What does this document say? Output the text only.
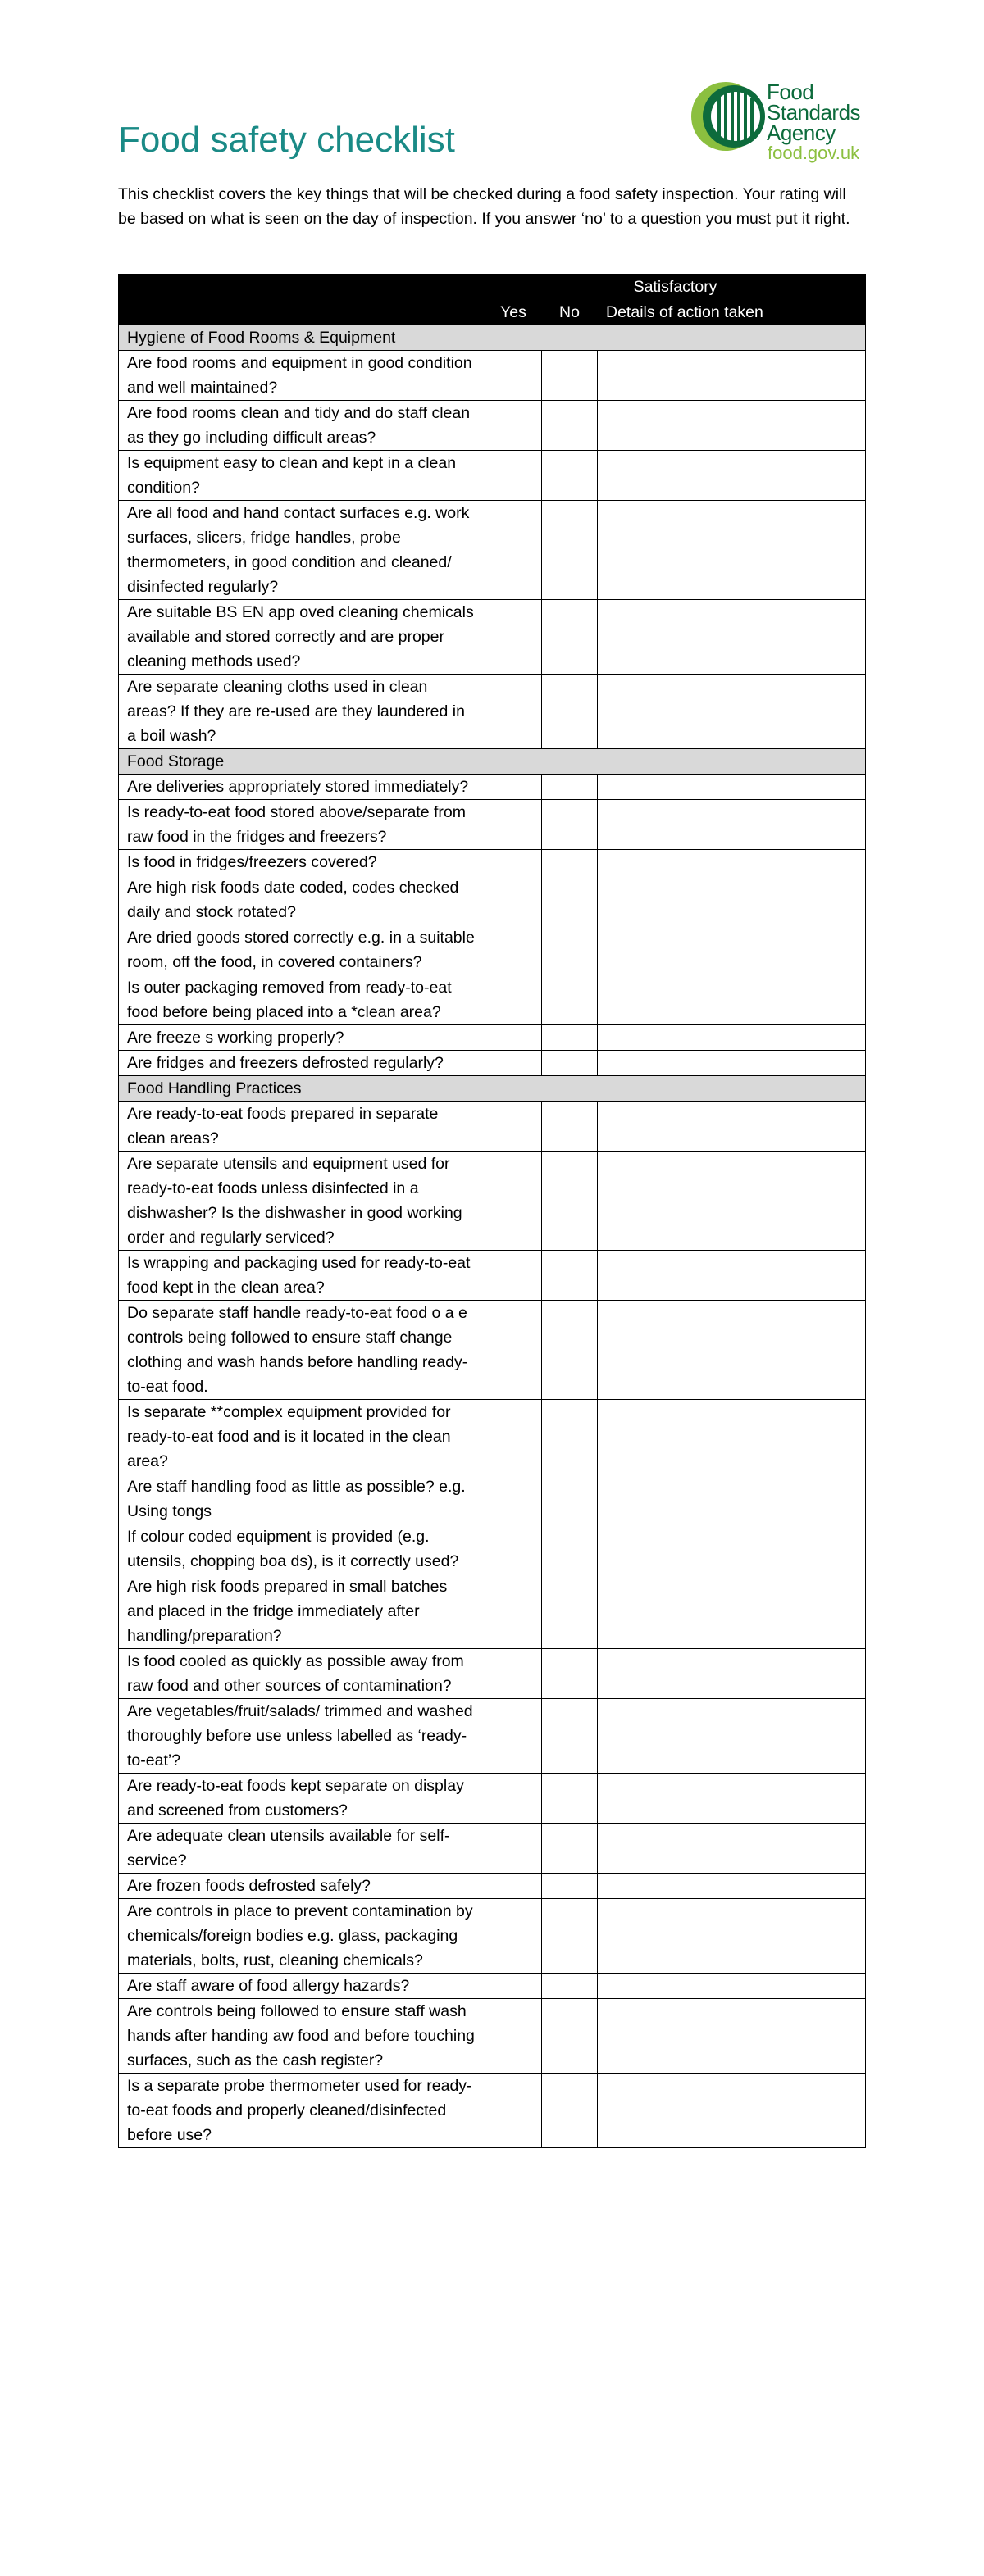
Food
Standards
Agency
food.gov.uk
Food safety checklist

This checklist covers the key things that will be checked during a food safety inspection. Your rating will be based on what is seen on the day of inspection. If you answer ‘no’ to a question you must put it right.

	Satisfactory		
	Yes	No	Details of action taken
Hygiene of Food Rooms & Equipment			
Are food rooms and equipment in good condition and well maintained?			
Are food rooms clean and tidy and do staff clean as they go including difficult areas?			
Is equipment easy to clean and kept in a clean condition?			
Are all food and hand contact surfaces e.g. work surfaces, slicers, fridge handles, probe thermometers, in good condition and cleaned/ disinfected regularly?			
Are suitable BS EN app oved cleaning chemicals available and stored correctly and are proper cleaning methods used?			
Are separate cleaning cloths used in clean areas? If they are re-used are they laundered in a boil wash?			
Food Storage			
Are deliveries appropriately stored immediately?			
Is ready-to-eat food stored above/separate from raw food in the fridges and freezers?			
Is food in fridges/freezers covered?			
Are high risk foods date coded, codes checked daily and stock rotated?			
Are dried goods stored correctly e.g. in a suitable room, off the food, in covered containers?			
Is outer packaging removed from ready-to-eat food before being placed into a *clean area?			
Are freeze s working properly?			
Are fridges and freezers defrosted regularly?			
Food Handling Practices			
Are ready-to-eat foods prepared in separate clean areas?			
Are separate utensils and equipment used for ready-to-eat foods unless disinfected in a dishwasher? Is the dishwasher in good working order and regularly serviced?			
Is wrapping and packaging used for ready-to-eat food kept in the clean area?			
Do separate staff handle ready-to-eat food o a e controls being followed to ensure staff change clothing and wash hands before handling ready-to-eat food.			
Is separate **complex equipment provided for ready-to-eat food and is it located in the clean area?			
Are staff handling food as little as possible? e.g. Using tongs			
If colour coded equipment is provided (e.g. utensils, chopping boa ds), is it correctly used?			
Are high risk foods prepared in small batches and placed in the fridge immediately after handling/preparation?			
Is food cooled as quickly as possible away from raw food and other sources of contamination?			
Are vegetables/fruit/salads/ trimmed and washed thoroughly before use unless labelled as ‘ready-to-eat’?			
Are ready-to-eat foods kept separate on display and screened from customers?			
Are adequate clean utensils available for self-service?			
Are frozen foods defrosted safely?			
Are controls in place to prevent contamination by chemicals/foreign bodies e.g. glass, packaging materials, bolts, rust, cleaning chemicals?			
Are staff aware of food allergy hazards?			
Are controls being followed to ensure staff wash hands after handing aw food and before touching surfaces, such as the cash register?			
Is a separate probe thermometer used for ready-to-eat foods and properly cleaned/disinfected before use?			
